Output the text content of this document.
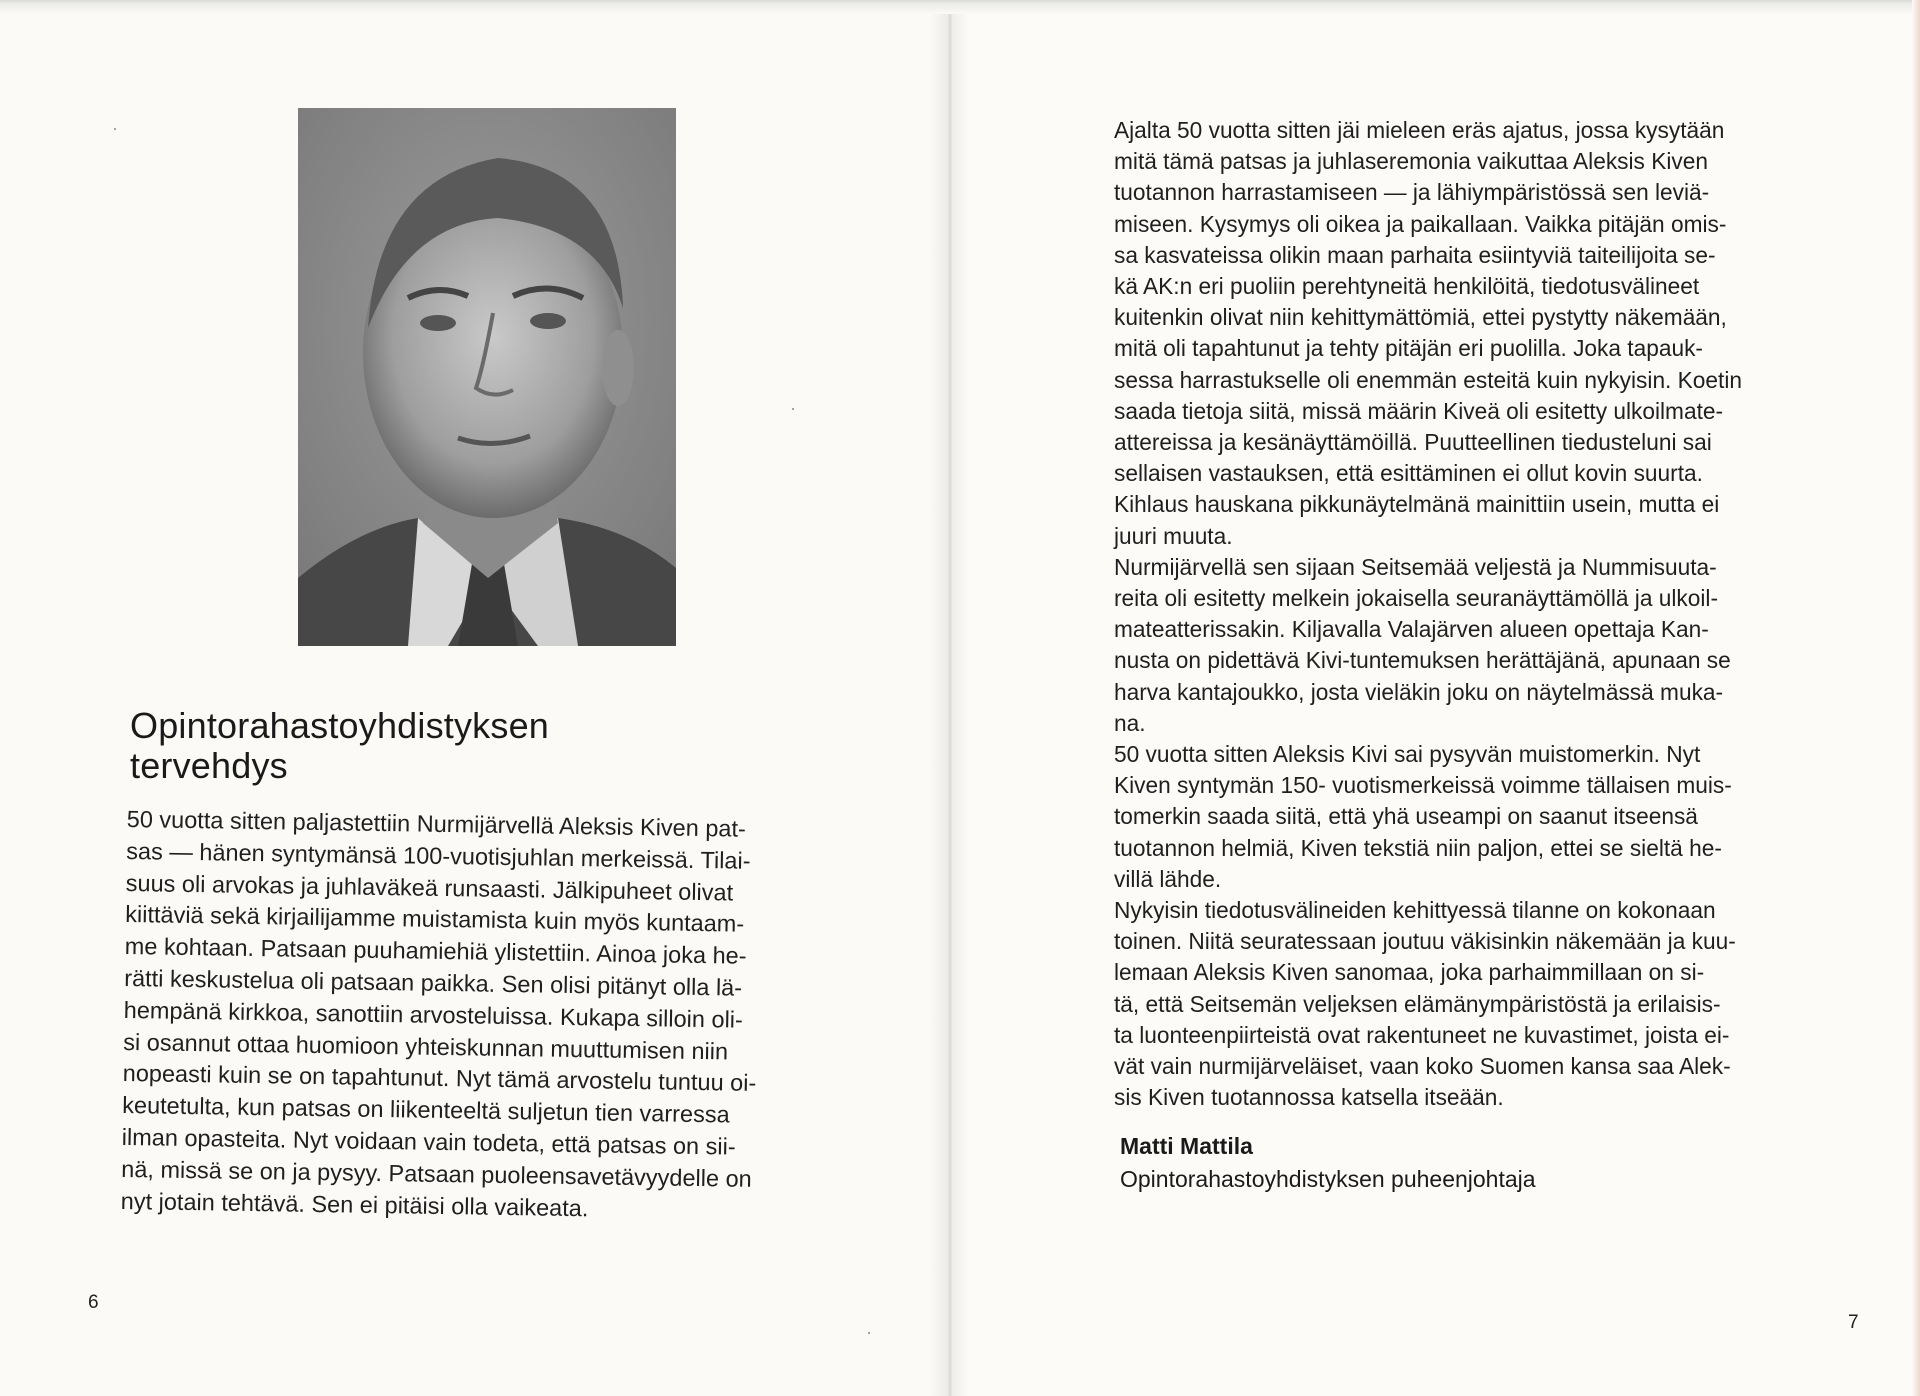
Opintorahastoyhdistyksen
tervehdys
50 vuotta sitten paljastettiin Nurmijärvellä Aleksis Kiven pat-
sas — hänen syntymänsä 100-vuotisjuhlan merkeissä. Tilai-
suus oli arvokas ja juhlaväkeä runsaasti. Jälkipuheet olivat
kiittäviä sekä kirjailijamme muistamista kuin myös kuntaam-
me kohtaan. Patsaan puuhamiehiä ylistettiin. Ainoa joka he-
rätti keskustelua oli patsaan paikka. Sen olisi pitänyt olla lä-
hempänä kirkkoa, sanottiin arvosteluissa. Kukapa silloin oli-
si osannut ottaa huomioon yhteiskunnan muuttumisen niin
nopeasti kuin se on tapahtunut. Nyt tämä arvostelu tuntuu oi-
keutetulta, kun patsas on liikenteeltä suljetun tien varressa
ilman opasteita. Nyt voidaan vain todeta, että patsas on sii-
nä, missä se on ja pysyy. Patsaan puoleensavetävyydelle on
nyt jotain tehtävä. Sen ei pitäisi olla vaikeata.
6
Ajalta 50 vuotta sitten jäi mieleen eräs ajatus, jossa kysytään
mitä tämä patsas ja juhlaseremonia vaikuttaa Aleksis Kiven
tuotannon harrastamiseen — ja lähiympäristössä sen leviä-
miseen. Kysymys oli oikea ja paikallaan. Vaikka pitäjän omis-
sa kasvateissa olikin maan parhaita esiintyviä taiteilijoita se-
kä AK:n eri puoliin perehtyneitä henkilöitä, tiedotusvälineet
kuitenkin olivat niin kehittymättömiä, ettei pystytty näkemään,
mitä oli tapahtunut ja tehty pitäjän eri puolilla. Joka tapauk-
sessa harrastukselle oli enemmän esteitä kuin nykyisin. Koetin
saada tietoja siitä, missä määrin Kiveä oli esitetty ulkoilmate-
attereissa ja kesänäyttämöillä. Puutteellinen tiedusteluni sai
sellaisen vastauksen, että esittäminen ei ollut kovin suurta.
Kihlaus hauskana pikkunäytelmänä mainittiin usein, mutta ei
juuri muuta.
Nurmijärvellä sen sijaan Seitsemää veljestä ja Nummisuuta-
reita oli esitetty melkein jokaisella seuranäyttämöllä ja ulkoil-
mateatterissakin. Kiljavalla Valajärven alueen opettaja Kan-
nusta on pidettävä Kivi-tuntemuksen herättäjänä, apunaan se
harva kantajoukko, josta vieläkin joku on näytelmässä muka-
na.
50 vuotta sitten Aleksis Kivi sai pysyvän muistomerkin. Nyt
Kiven syntymän 150- vuotismerkeissä voimme tällaisen muis-
tomerkin saada siitä, että yhä useampi on saanut itseensä
tuotannon helmiä, Kiven tekstiä niin paljon, ettei se sieltä he-
villä lähde.
Nykyisin tiedotusvälineiden kehittyessä tilanne on kokonaan
toinen. Niitä seuratessaan joutuu väkisinkin näkemään ja kuu-
lemaan Aleksis Kiven sanomaa, joka parhaimmillaan on si-
tä, että Seitsemän veljeksen elämänympäristöstä ja erilaisis-
ta luonteenpiirteistä ovat rakentuneet ne kuvastimet, joista ei-
vät vain nurmijärveläiset, vaan koko Suomen kansa saa Alek-
sis Kiven tuotannossa katsella itseään.
Matti Mattila
Opintorahastoyhdistyksen puheenjohtaja
7
